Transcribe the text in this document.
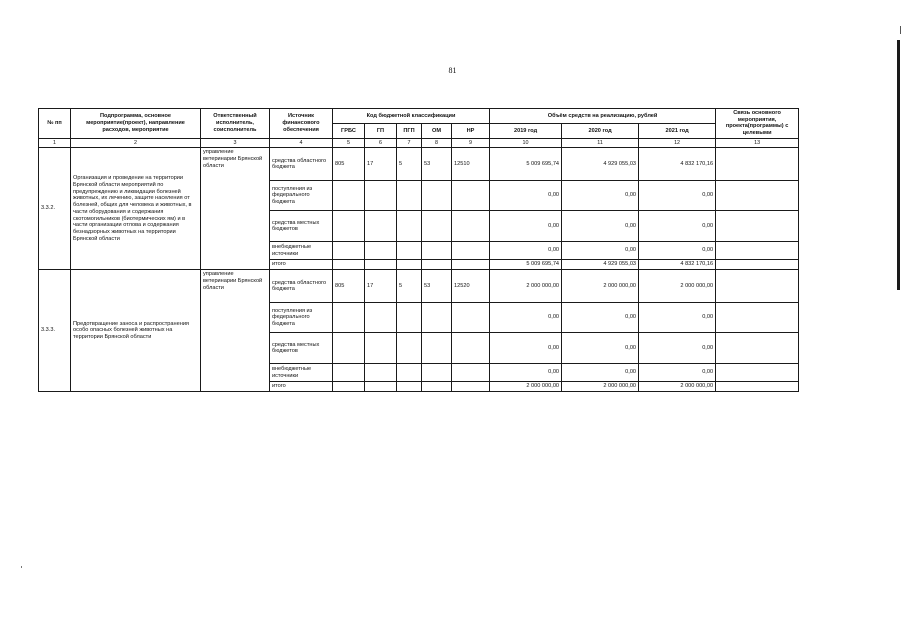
81
№ пп	Подпрограмма, основное мероприятие(проект), направление расходов, мероприятие	Ответственный исполнитель, соисполнитель	Источник финансового обеспечения	Код бюджетной классификации					Объём средств на реализацию, рублей			Связь основного мероприятия, проекта(программы) с целевыми
				ГРБС	ГП	ПГП	ОМ	НР	2019 год	2020 год	2021 год	
1	2	3	4	5	6	7	8	9	10	11	12	13
3.3.2.	Организация и проведение на территории Брянской области мероприятий по предупреждению и ликвидации болезней животных, их лечению, защите населения от болезней, общих для человека и животных, в части оборудования и содержания скотомогильников (биотермических ям) и в части организации отлова и содержания безнадзорных животных на территории Брянской области	управление ветеринарии Брянской области	средства областного бюджета	805	17	5	53	12510	5 009 695,74	4 929 055,03	4 832 170,16	
			поступления из федерального бюджета						0,00	0,00	0,00	
			средства местных бюджетов						0,00	0,00	0,00	
			внебюджетные источники						0,00	0,00	0,00	
			итого						5 009 695,74	4 929 055,03	4 832 170,16	
3.3.3.	Предотвращение заноса и распространения особо опасных болезней животных на территории Брянской области	управление ветеринарии Брянской области	средства областного бюджета	805	17	5	53	12520	2 000 000,00	2 000 000,00	2 000 000,00	
			поступления из федерального бюджета						0,00	0,00	0,00	
			средства местных бюджетов						0,00	0,00	0,00	
			внебюджетные источники						0,00	0,00	0,00	
			итого						2 000 000,00	2 000 000,00	2 000 000,00	
